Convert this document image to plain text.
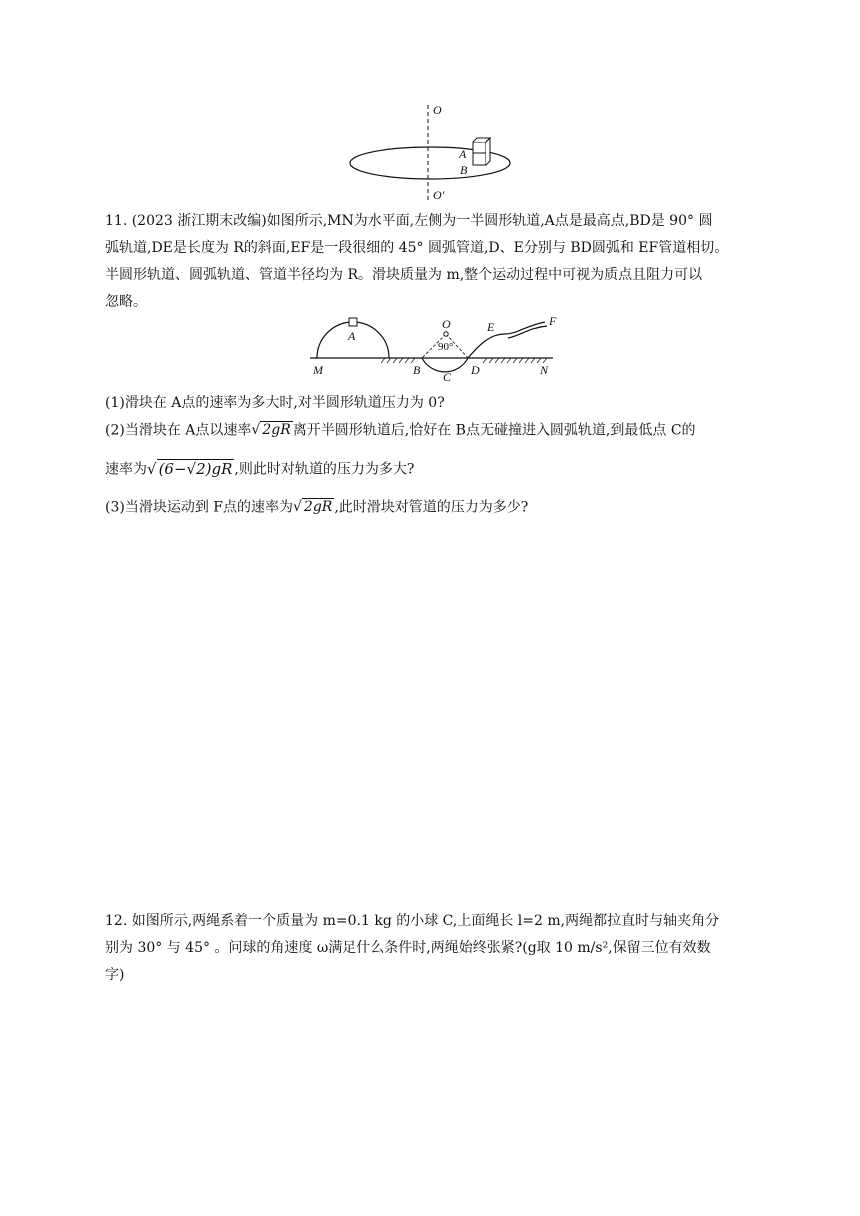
O
O′
A
B
11. (2023 浙江期末改编)如图所示,MN为水平面,左侧为一半圆形轨道,A点是最高点,BD是 90° 圆
弧轨道,DE是长度为 R的斜面,EF是一段很细的 45° 圆弧管道,D、E分别与 BD圆弧和 EF管道相切。
半圆形轨道、圆弧轨道、管道半径均为 R。滑块质量为 m,整个运动过程中可视为质点且阻力可以
忽略。
A
O
90°
E	F
M	B C D	N
(1)滑块在 A点的速率为多大时,对半圆形轨道压力为 0?
(2)当滑块在 A点以速率√ 2gR 离开半圆形轨道后,恰好在 B点无碰撞进入圆弧轨道,到最低点 C的
速率为√ (6−√2)gR ,则此时对轨道的压力为多大?
(3)当滑块运动到 F点的速率为√ 2gR ,此时滑块对管道的压力为多少?
12. 如图所示,两绳系着一个质量为 m=0.1 kg 的小球 C,上面绳长 l=2 m,两绳都拉直时与轴夹角分
别为 30° 与 45° 。问球的角速度 ω满足什么条件时,两绳始终张紧?(g取 10 m/s²,保留三位有效数
字)
